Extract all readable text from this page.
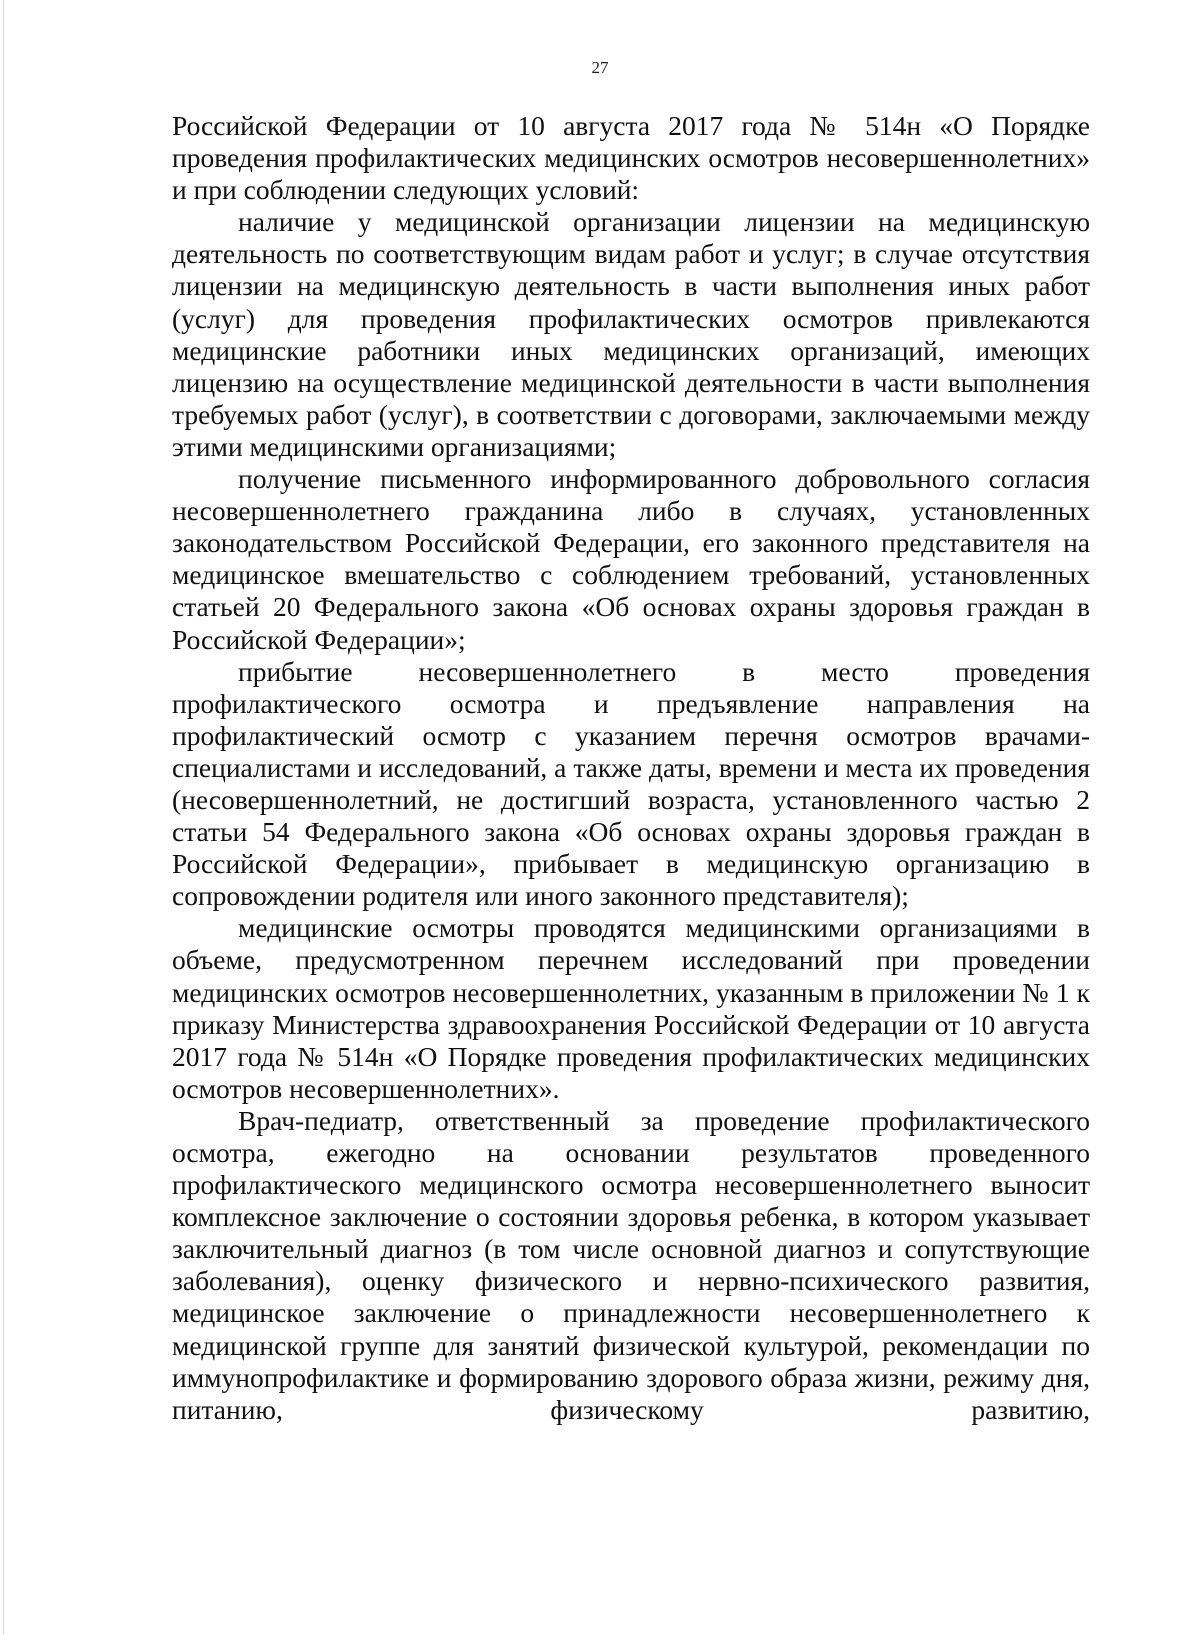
27

Российской Федерации от 10 августа 2017 года № 514н «О Порядке проведения профилактических медицинских осмотров несовершеннолетних» и при соблюдении следующих условий:

наличие у медицинской организации лицензии на медицинскую деятельность по соответствующим видам работ и услуг; в случае отсутствия лицензии на медицинскую деятельность в части выполнения иных работ (услуг) для проведения профилактических осмотров привлекаются медицинские работники иных медицинских организаций, имеющих лицензию на осуществление медицинской деятельности в части выполнения требуемых работ (услуг), в соответствии с договорами, заключаемыми между этими медицинскими организациями;

получение письменного информированного добровольного согласия несовершеннолетнего гражданина либо в случаях, установленных законодательством Российской Федерации, его законного представителя на медицинское вмешательство с соблюдением требований, установленных статьей 20 Федерального закона «Об основах охраны здоровья граждан в Российской Федерации»;

прибытие несовершеннолетнего в место проведения профилактического осмотра и предъявление направления на профилактический осмотр с указанием перечня осмотров врачами-специалистами и исследований, а также даты, времени и места их проведения (несовершеннолетний, не достигший возраста, установленного частью 2 статьи 54 Федерального закона «Об основах охраны здоровья граждан в Российской Федерации», прибывает в медицинскую организацию в сопровождении родителя или иного законного представителя);

медицинские осмотры проводятся медицинскими организациями в объеме, предусмотренном перечнем исследований при проведении медицинских осмотров несовершеннолетних, указанным в приложении № 1 к приказу Министерства здравоохранения Российской Федерации от 10 августа 2017 года № 514н «О Порядке проведения профилактических медицинских осмотров несовершеннолетних».

Врач-педиатр, ответственный за проведение профилактического осмотра, ежегодно на основании результатов проведенного профилактического медицинского осмотра несовершеннолетнего выносит комплексное заключение о состоянии здоровья ребенка, в котором указывает заключительный диагноз (в том числе основной диагноз и сопутствующие заболевания), оценку физического и нервно-психического развития, медицинское заключение о принадлежности несовершеннолетнего к медицинской группе для занятий физической культурой, рекомендации по иммунопрофилактике и формированию здорового образа жизни, режиму дня, питанию, физическому развитию,
